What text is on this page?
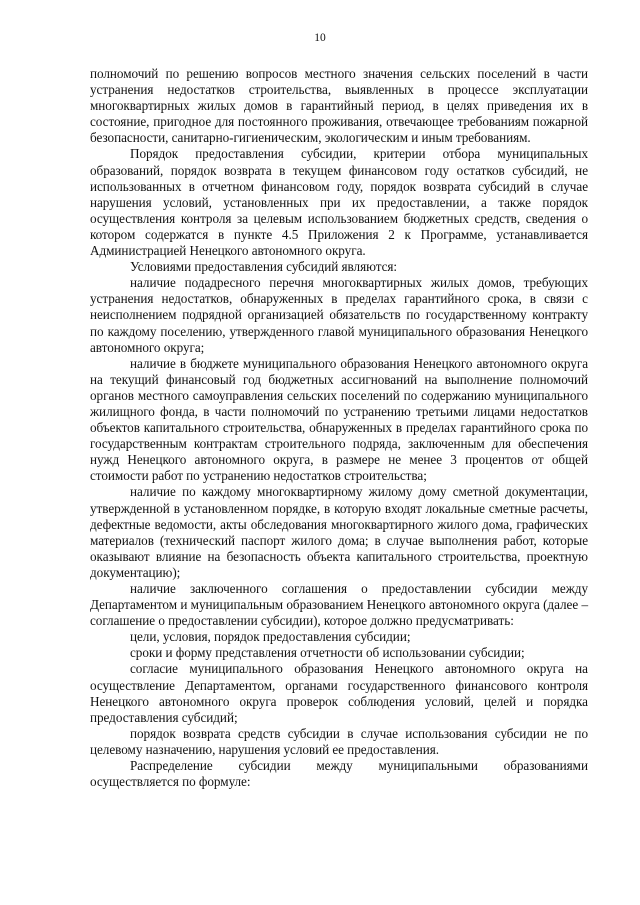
10

полномочий по решению вопросов местного значения сельских поселений в части устранения недостатков строительства, выявленных в процессе эксплуатации многоквартирных жилых домов в гарантийный период, в целях приведения их в состояние, пригодное для постоянного проживания, отвечающее требованиям пожарной безопасности, санитарно-гигиеническим, экологическим и иным требованиям.

Порядок предоставления субсидии, критерии отбора муниципальных образований, порядок возврата в текущем финансовом году остатков субсидий, не использованных в отчетном финансовом году, порядок возврата субсидий в случае нарушения условий, установленных при их предоставлении, а также порядок осуществления контроля за целевым использованием бюджетных средств, сведения о котором содержатся в пункте 4.5 Приложения 2 к Программе, устанавливается Администрацией Ненецкого автономного округа.

Условиями предоставления субсидий являются:

наличие подадресного перечня многоквартирных жилых домов, требующих устранения недостатков, обнаруженных в пределах гарантийного срока, в связи с неисполнением подрядной организацией обязательств по государственному контракту по каждому поселению, утвержденного главой муниципального образования Ненецкого автономного округа;

наличие в бюджете муниципального образования Ненецкого автономного округа на текущий финансовый год бюджетных ассигнований на выполнение полномочий органов местного самоуправления сельских поселений по содержанию муниципального жилищного фонда, в части полномочий по устранению третьими лицами недостатков объектов капитального строительства, обнаруженных в пределах гарантийного срока по государственным контрактам строительного подряда, заключенным для обеспечения нужд Ненецкого автономного округа, в размере не менее 3 процентов от общей стоимости работ по устранению недостатков строительства;

наличие по каждому многоквартирному жилому дому сметной документации, утвержденной в установленном порядке, в которую входят локальные сметные расчеты, дефектные ведомости, акты обследования многоквартирного жилого дома, графических материалов (технический паспорт жилого дома; в случае выполнения работ, которые оказывают влияние на безопасность объекта капитального строительства, проектную документацию);

наличие заключенного соглашения о предоставлении субсидии между Департаментом и муниципальным образованием Ненецкого автономного округа (далее – соглашение о предоставлении субсидии), которое должно предусматривать:

цели, условия, порядок предоставления субсидии;

сроки и форму представления отчетности об использовании субсидии;

согласие муниципального образования Ненецкого автономного округа на осуществление Департаментом, органами государственного финансового контроля Ненецкого автономного округа проверок соблюдения условий, целей и порядка предоставления субсидий;

порядок возврата средств субсидии в случае использования субсидии не по целевому назначению, нарушения условий ее предоставления.

Распределение субсидии между муниципальными образованиями осуществляется по формуле:
